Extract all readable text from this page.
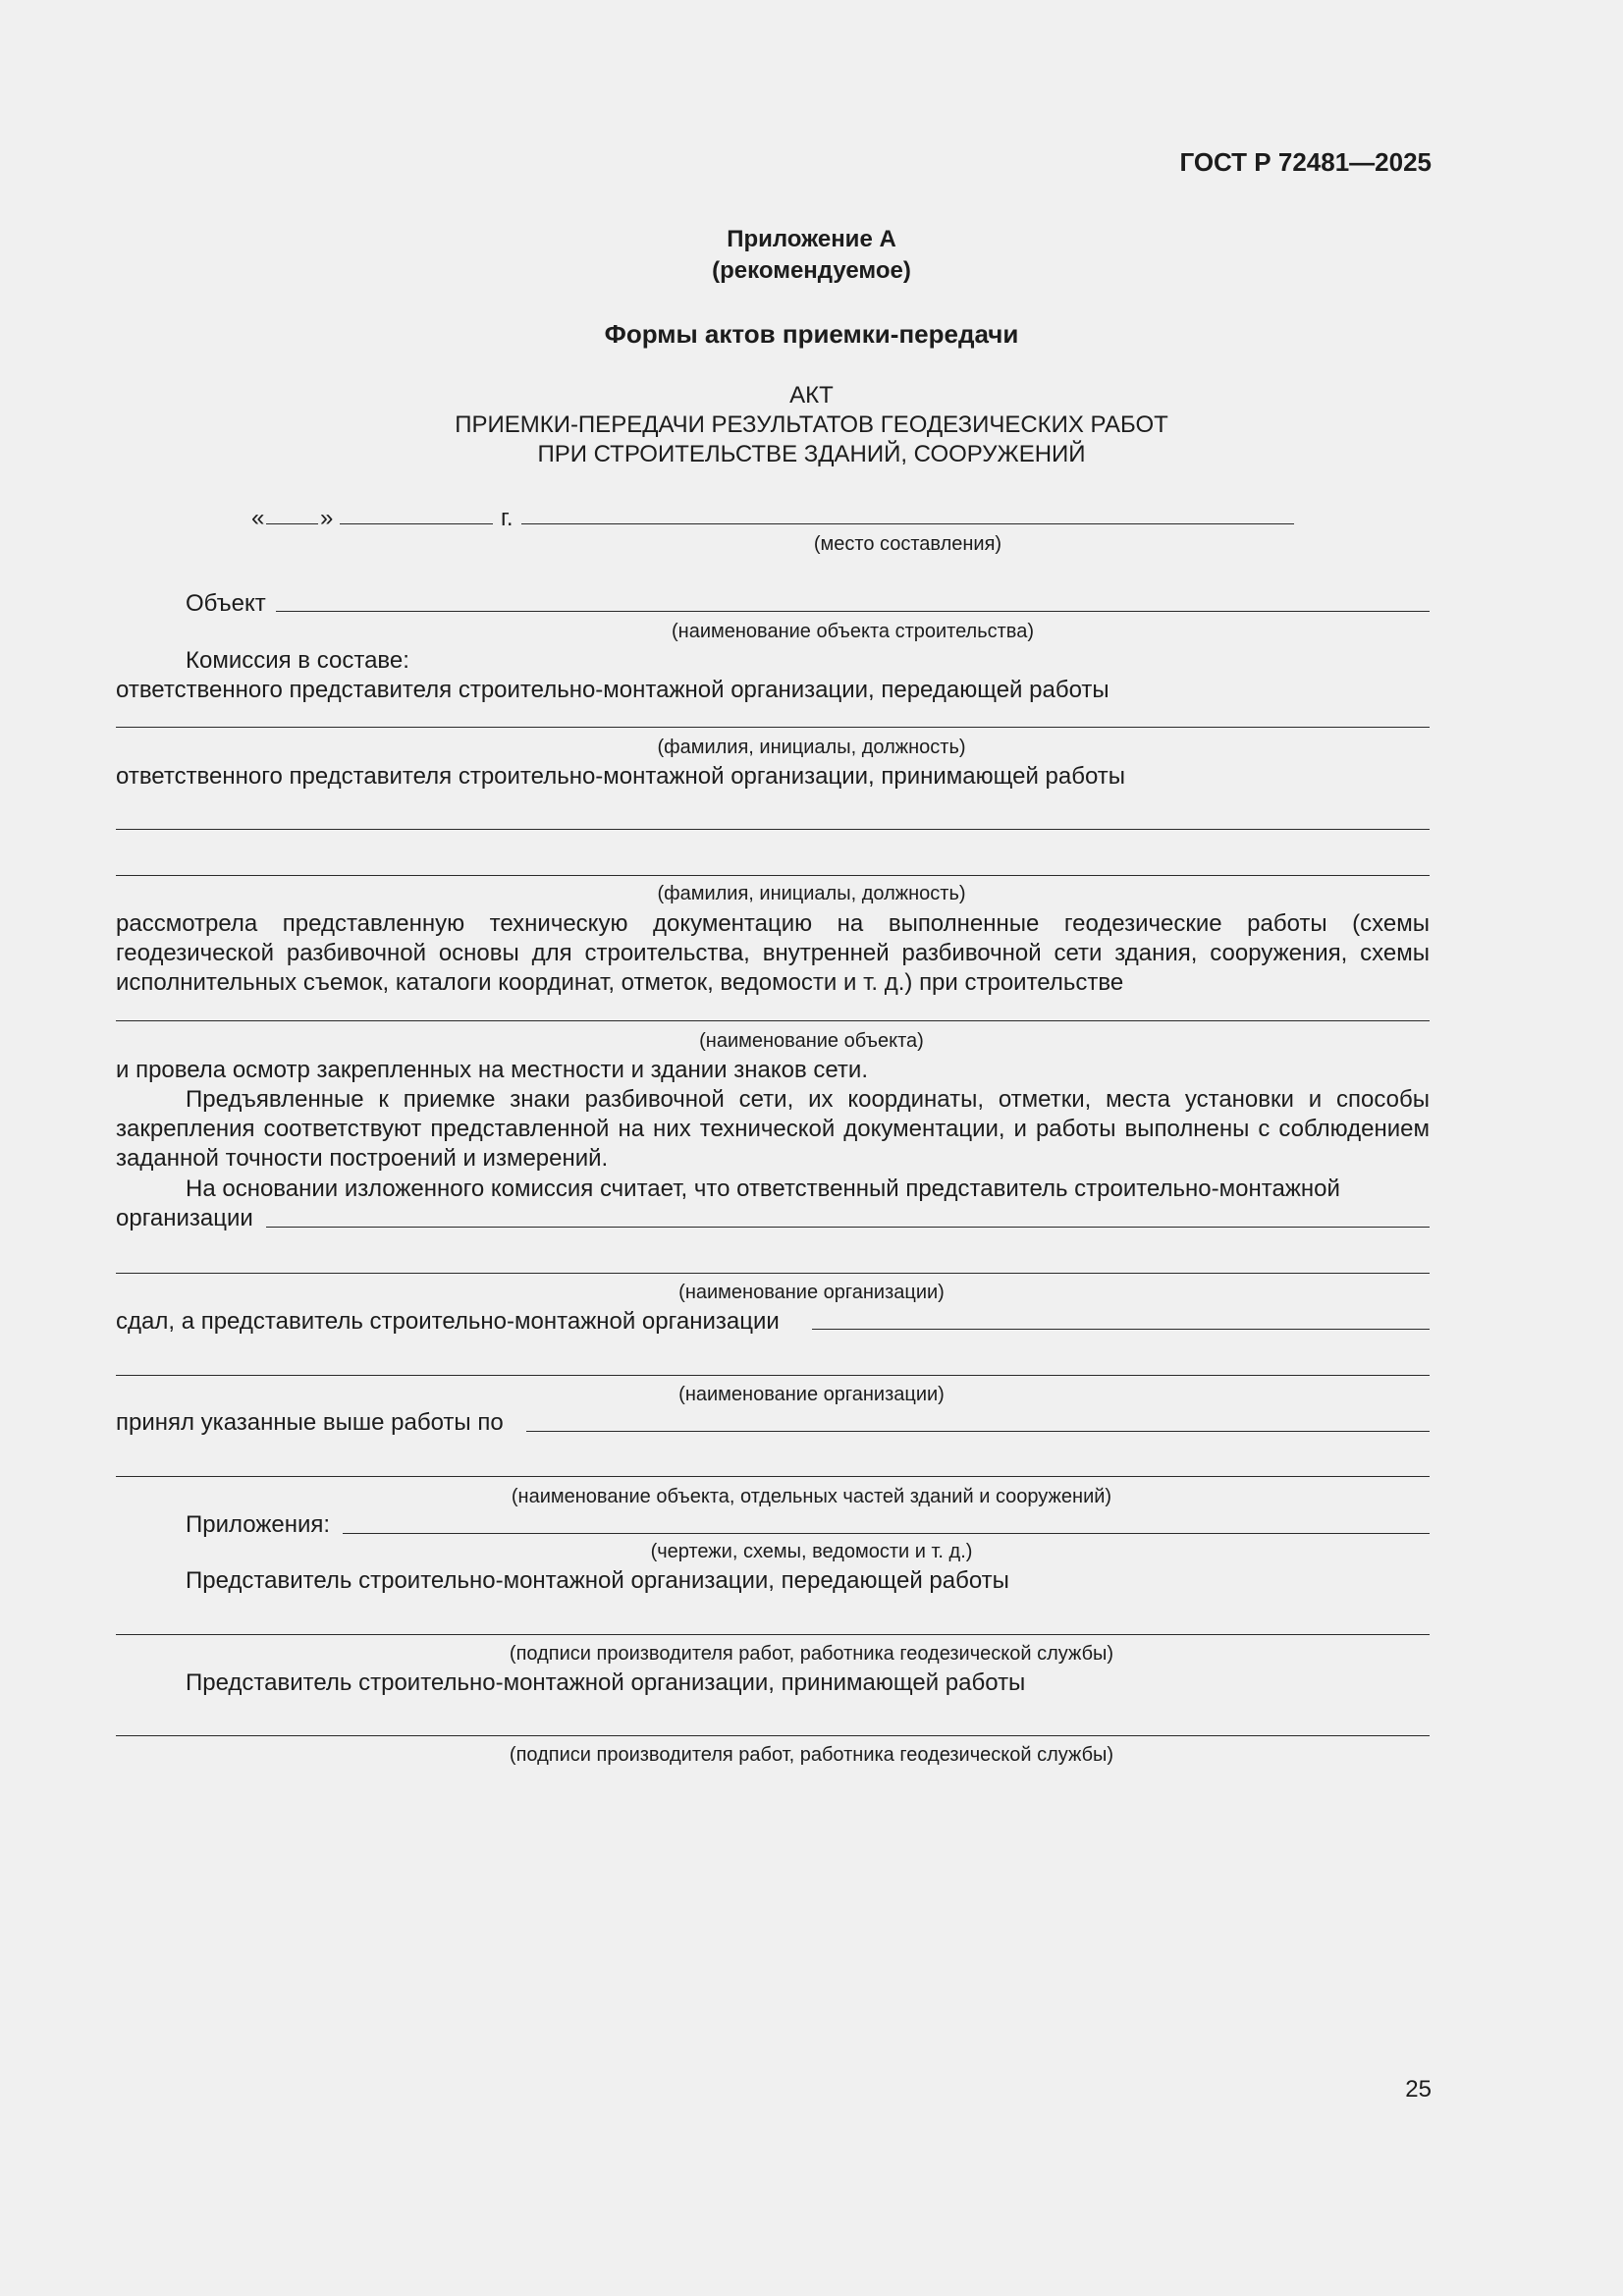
ГОСТ Р 72481—2025
Приложение А
(рекомендуемое)
Формы актов приемки-передачи
АКТ
ПРИЕМКИ-ПЕРЕДАЧИ РЕЗУЛЬТАТОВ ГЕОДЕЗИЧЕСКИХ РАБОТ
ПРИ СТРОИТЕЛЬСТВЕ ЗДАНИЙ, СООРУЖЕНИЙ
« »	г.
(место составления)
Объект
(наименование объекта строительства)
Комиссия в составе:
ответственного представителя строительно-монтажной организации, передающей работы
(фамилия, инициалы, должность)
ответственного представителя строительно-монтажной организации, принимающей работы
(фамилия, инициалы, должность)
рассмотрела представленную техническую документацию на выполненные геодезические работы (схемы
геодезической разбивочной основы для строительства, внутренней разбивочной сети здания, сооружения, схемы
исполнительных съемок, каталоги координат, отметок, ведомости и т. д.) при строительстве
(наименование объекта)
и провела осмотр закрепленных на местности и здании знаков сети.
Предъявленные к приемке знаки разбивочной сети, их координаты, отметки, места установки и способы
закрепления соответствуют представленной на них технической документации, и работы выполнены с соблюдением
заданной точности построений и измерений.
На основании изложенного комиссия считает, что ответственный представитель строительно-монтажной
организации
(наименование организации)
сдал, а представитель строительно-монтажной организации
(наименование организации)
принял указанные выше работы по
(наименование объекта, отдельных частей зданий и сооружений)
Приложения:
(чертежи, схемы, ведомости и т. д.)
Представитель строительно-монтажной организации, передающей работы
(подписи производителя работ, работника геодезической службы)
Представитель строительно-монтажной организации, принимающей работы
(подписи производителя работ, работника геодезической службы)
25
